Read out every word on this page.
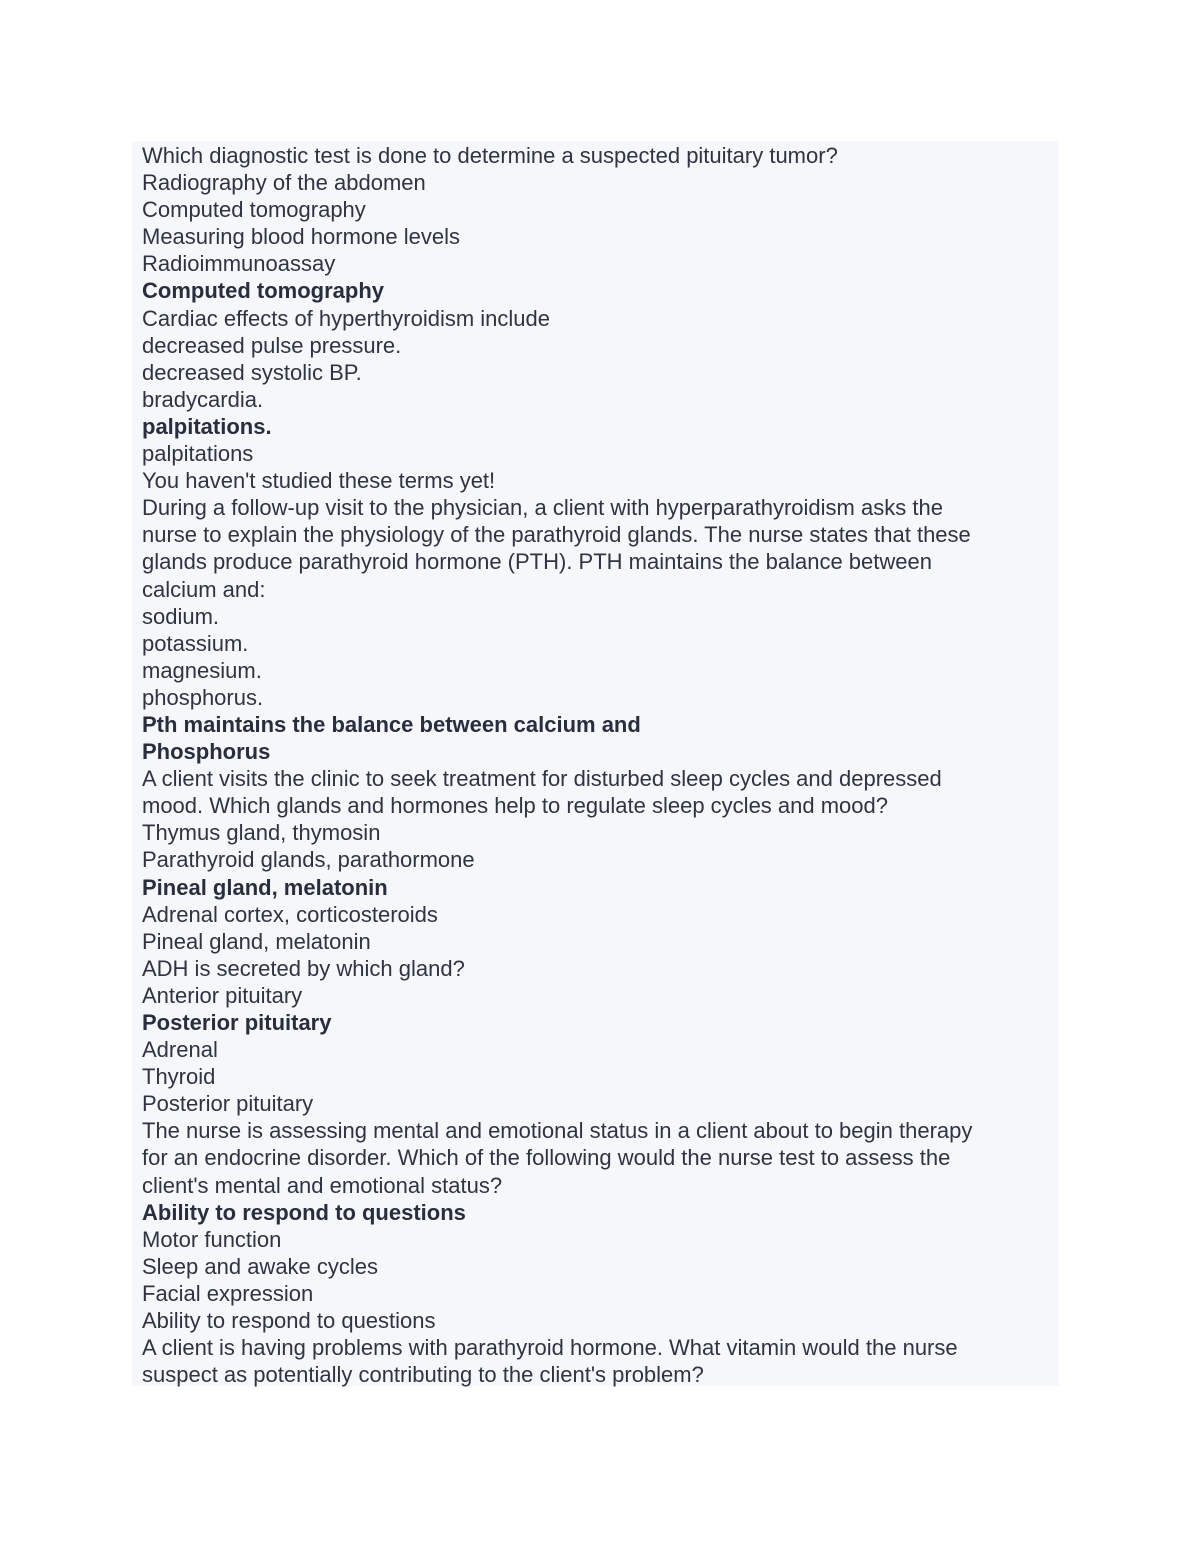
Which diagnostic test is done to determine a suspected pituitary tumor?
Radiography of the abdomen
Computed tomography
Measuring blood hormone levels
Radioimmunoassay
Computed tomography
Cardiac effects of hyperthyroidism include
decreased pulse pressure.
decreased systolic BP.
bradycardia.
palpitations.
palpitations
You haven't studied these terms yet!
During a follow-up visit to the physician, a client with hyperparathyroidism asks the
nurse to explain the physiology of the parathyroid glands. The nurse states that these
glands produce parathyroid hormone (PTH). PTH maintains the balance between
calcium and:
sodium.
potassium.
magnesium.
phosphorus.
Pth maintains the balance between calcium and
Phosphorus
A client visits the clinic to seek treatment for disturbed sleep cycles and depressed
mood. Which glands and hormones help to regulate sleep cycles and mood?
Thymus gland, thymosin
Parathyroid glands, parathormone
Pineal gland, melatonin
Adrenal cortex, corticosteroids
Pineal gland, melatonin
ADH is secreted by which gland?
Anterior pituitary
Posterior pituitary
Adrenal
Thyroid
Posterior pituitary
The nurse is assessing mental and emotional status in a client about to begin therapy
for an endocrine disorder. Which of the following would the nurse test to assess the
client's mental and emotional status?
Ability to respond to questions
Motor function
Sleep and awake cycles
Facial expression
Ability to respond to questions
A client is having problems with parathyroid hormone. What vitamin would the nurse
suspect as potentially contributing to the client's problem?
